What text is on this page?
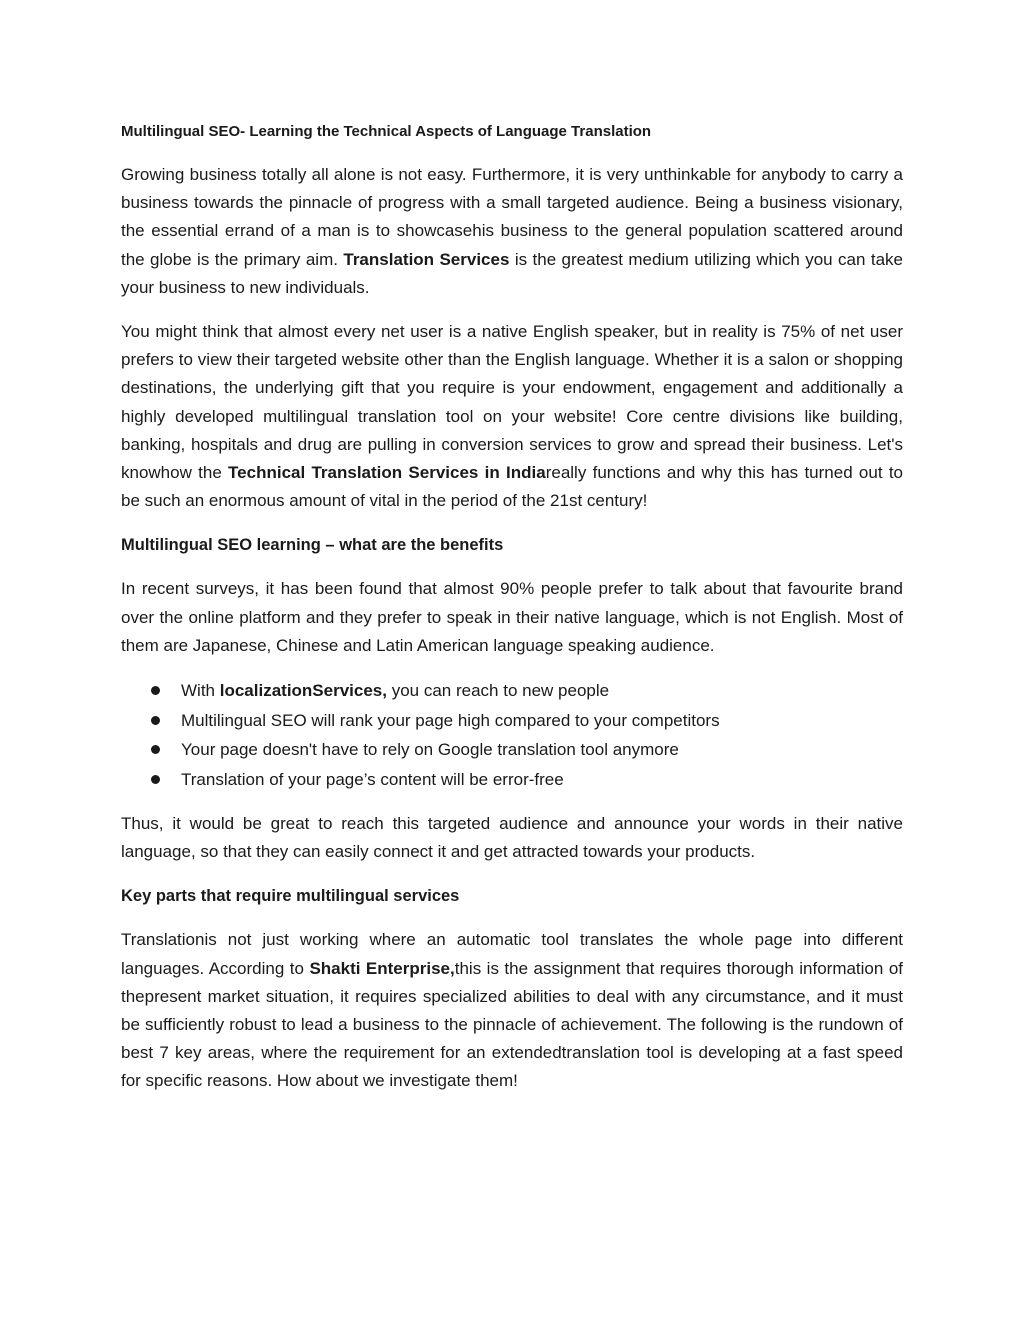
Multilingual SEO- Learning the Technical Aspects of Language Translation

Growing business totally all alone is not easy. Furthermore, it is very unthinkable for anybody to carry a business towards the pinnacle of progress with a small targeted audience. Being a business visionary, the essential errand of a man is to showcasehis business to the general population scattered around the globe is the primary aim. Translation Services is the greatest medium utilizing which you can take your business to new individuals.

You might think that almost every net user is a native English speaker, but in reality is 75% of net user prefers to view their targeted website other than the English language. Whether it is a salon or shopping destinations, the underlying gift that you require is your endowment, engagement and additionally a highly developed multilingual translation tool on your website! Core centre divisions like building, banking, hospitals and drug are pulling in conversion services to grow and spread their business. Let's knowhow the Technical Translation Services in Indiareally functions and why this has turned out to be such an enormous amount of vital in the period of the 21st century!

Multilingual SEO learning – what are the benefits

In recent surveys, it has been found that almost 90% people prefer to talk about that favourite brand over the online platform and they prefer to speak in their native language, which is not English. Most of them are Japanese, Chinese and Latin American language speaking audience.

With localizationServices, you can reach to new people
Multilingual SEO will rank your page high compared to your competitors
Your page doesn't have to rely on Google translation tool anymore
Translation of your page’s content will be error-free

Thus, it would be great to reach this targeted audience and announce your words in their native language, so that they can easily connect it and get attracted towards your products.

Key parts that require multilingual services

Translationis not just working where an automatic tool translates the whole page into different languages. According to Shakti Enterprise,this is the assignment that requires thorough information of thepresent market situation, it requires specialized abilities to deal with any circumstance, and it must be sufficiently robust to lead a business to the pinnacle of achievement. The following is the rundown of best 7 key areas, where the requirement for an extendedtranslation tool is developing at a fast speed for specific reasons. How about we investigate them!
